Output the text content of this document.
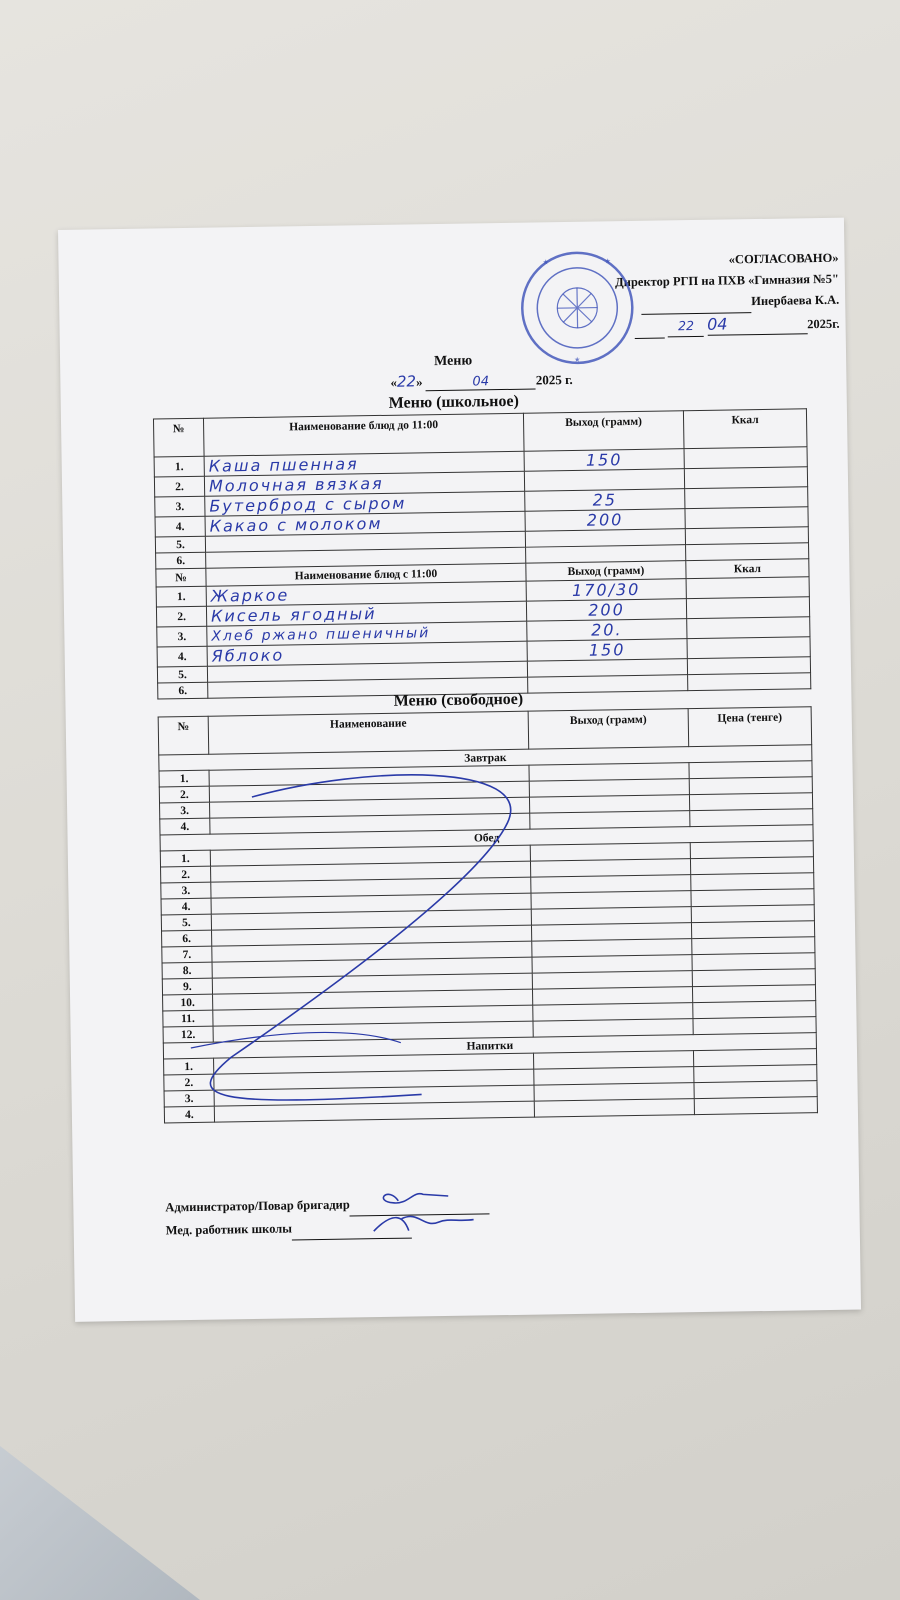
«СОГЛАСОВАНО»
Директор РГП на ПХВ «Гимназия №5"
Инербаева К.А.
22 04	2025г.
★	★
★
Меню
«22»	04	2025 г.
Меню (школьное)
№	Наименование блюд до 11:00	Выход (грамм)	Ккал
1.	Каша пшенная	150	
2.	Молочная вязкая		
3.	Бутерброд с сыром	25	
4.	Какао с молоком	200	
5.			
6.			
№	Наименование блюд с 11:00	Выход (грамм)	Ккал
1.	Жаркое	170/30	
2.	Кисель ягодный	200	
3.	Хлеб ржано пшеничный	20.	
4.	Яблоко	150	
5.			
6.			
Меню (свободное)
№	Наименование	Выход (грамм)	Цена (тенге)
Завтрак			
1.			
2.			
3.			
4.			
Обед			
1.			
2.			
3.			
4.			
5.			
6.			
7.			
8.			
9.			
10.			
11.			
12.			
Напитки			
1.			
2.			
3.			
4.			
Администратор/Повар бригадир
Мед. работник школы
